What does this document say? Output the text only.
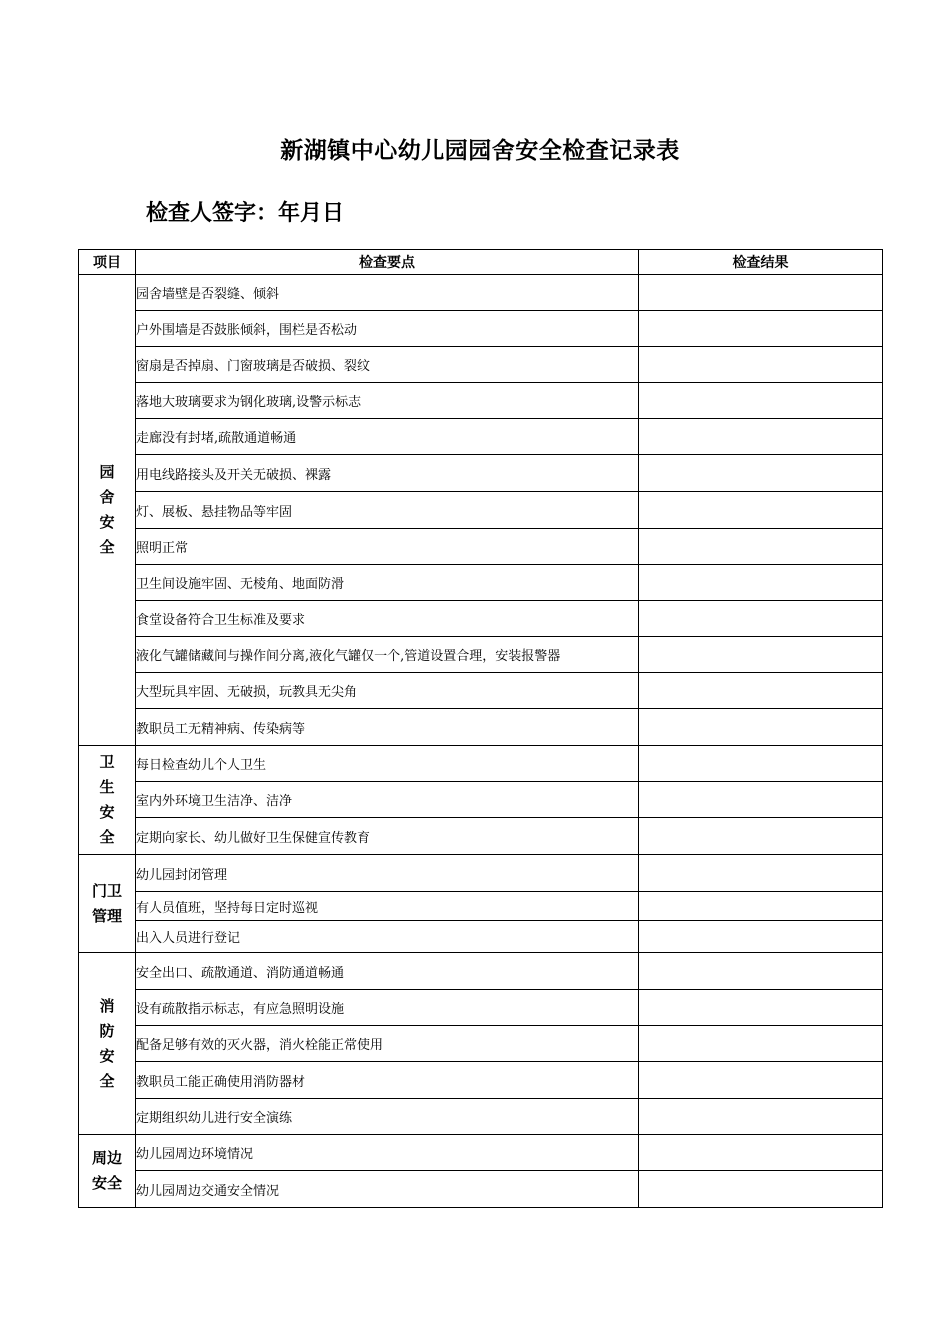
新湖镇中心幼儿园园舍安全检查记录表
检查人签字：年月日
项目	检查要点	检查结果

园舍安全	园舍墙壁是否裂缝、倾斜	
	户外围墙是否鼓胀倾斜，围栏是否松动	
	窗扇是否掉扇、门窗玻璃是否破损、裂纹	
	落地大玻璃要求为钢化玻璃,设警示标志	
	走廊没有封堵,疏散通道畅通	
	用电线路接头及开关无破损、裸露	
	灯、展板、悬挂物品等牢固	
	照明正常	
	卫生间设施牢固、无棱角、地面防滑	
	食堂设备符合卫生标准及要求	
	液化气罐储藏间与操作间分离,液化气罐仅一个,管道设置合理，安装报警器	
	大型玩具牢固、无破损，玩教具无尖角	
	教职员工无精神病、传染病等	

卫生安全	每日检查幼儿个人卫生	
	室内外环境卫生洁净、洁净	
	定期向家长、幼儿做好卫生保健宣传教育	

门卫管理	幼儿园封闭管理	
	有人员值班，坚持每日定时巡视	
	出入人员进行登记	

消防安全	安全出口、疏散通道、消防通道畅通	
	设有疏散指示标志，有应急照明设施	
	配备足够有效的灭火器，消火栓能正常使用	
	教职员工能正确使用消防器材	
	定期组织幼儿进行安全演练	

周边安全	幼儿园周边环境情况	
	幼儿园周边交通安全情况	
